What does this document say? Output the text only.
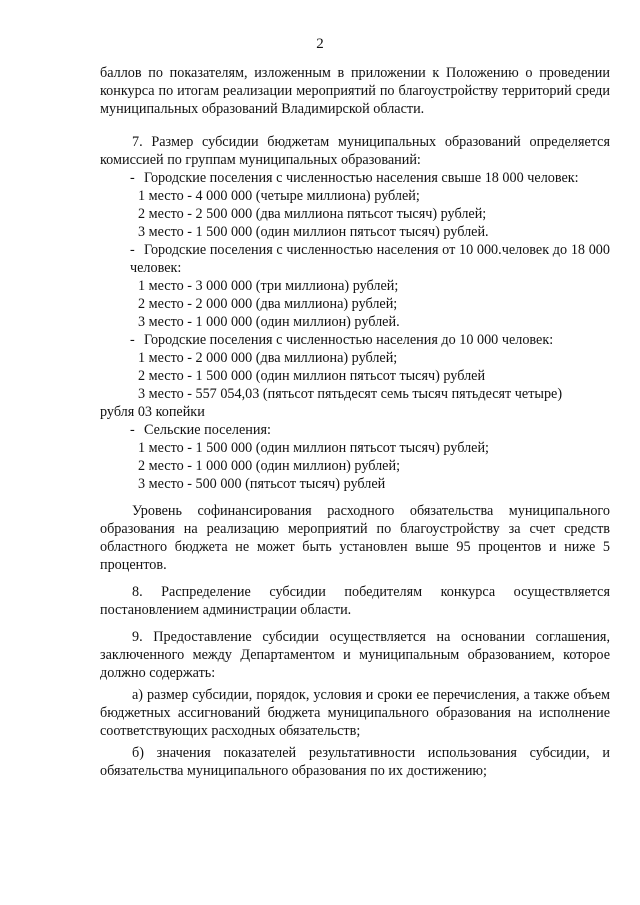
2

баллов по показателям, изложенным в приложении к Положению о проведении конкурса по итогам реализации мероприятий по благоустройству территорий среди муниципальных образований Владимирской области.

7. Размер субсидии бюджетам муниципальных образований определяется комиссией по группам муниципальных образований:

- Городские поселения с численностью населения свыше 18 000 человек:

1 место - 4 000 000 (четыре миллиона) рублей;

2 место - 2 500 000 (два миллиона пятьсот тысяч) рублей;

3 место - 1 500 000 (один миллион пятьсот тысяч) рублей.

- Городские поселения с численностью населения от 10 000.человек до 18 000 человек:

1 место - 3 000 000 (три миллиона) рублей;

2 место - 2 000 000 (два миллиона) рублей;

3 место - 1 000 000 (один миллион) рублей.

- Городские поселения с численностью населения до 10 000 человек:

1 место - 2 000 000 (два миллиона) рублей;

2 место - 1 500 000 (один миллион пятьсот тысяч) рублей

3 место - 557 054,03 (пятьсот пятьдесят семь тысяч пятьдесят четыре)

рубля 03 копейки

- Сельские поселения:

1 место - 1 500 000 (один миллион пятьсот тысяч) рублей;

2 место - 1 000 000 (один миллион) рублей;

3 место - 500 000 (пятьсот тысяч) рублей

Уровень софинансирования расходного обязательства муниципального образования на реализацию мероприятий по благоустройству за счет средств областного бюджета не может быть установлен выше 95 процентов и ниже 5 процентов.

8. Распределение субсидии победителям конкурса осуществляется постановлением администрации области.

9. Предоставление субсидии осуществляется на основании соглашения, заключенного между Департаментом и муниципальным образованием, которое должно содержать:

а) размер субсидии, порядок, условия и сроки ее перечисления, а также объем бюджетных ассигнований бюджета муниципального образования на исполнение соответствующих расходных обязательств;

б) значения показателей результативности использования субсидии, и обязательства муниципального образования по их достижению;
